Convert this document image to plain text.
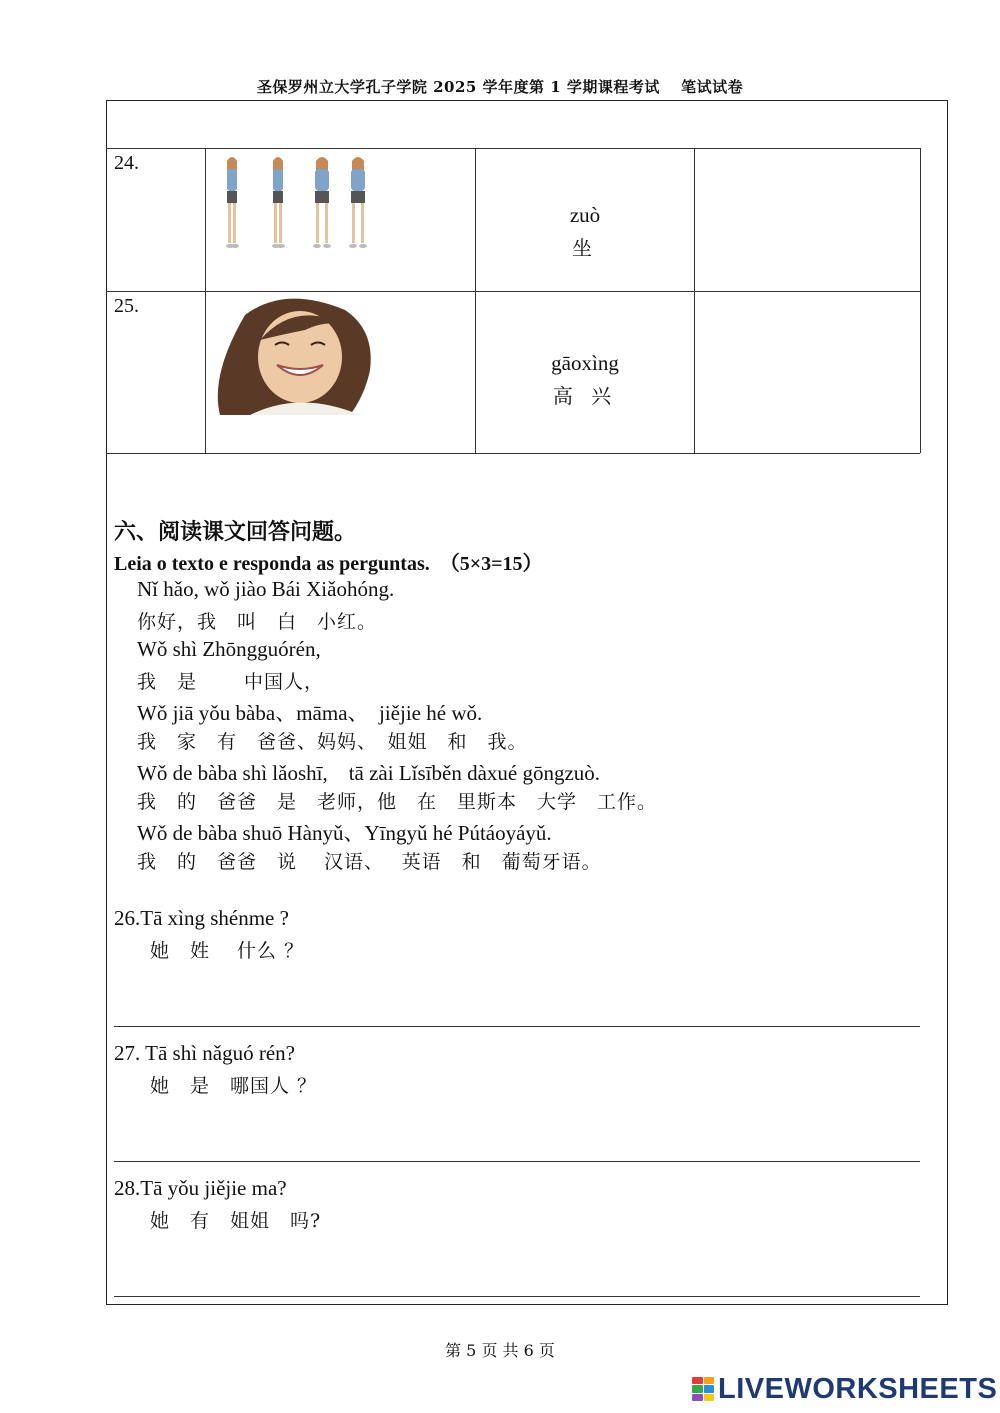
圣保罗州立大学孔子学院 2025 学年度第 1 学期课程考试　 笔试试卷
24.
zuò
坐
25.
gāoxìng
高 兴
六、阅读课文回答问题。
Leia o texto e responda as perguntas.　（5×3=15）
Nǐ hǎo, wǒ jiào Bái Xiǎohóng.
你好，我　叫　白　小红。
Wǒ shì Zhōngguórén,
我　是　　 中国人，
Wǒ jiā yǒu bàba、māma、　jiějie hé wǒ.
我　家　有　爸爸、妈妈、　姐姐　和　我。
Wǒ de bàba shì lǎoshī,　tā zài Lǐsīběn dàxué gōngzuò.
我　的　爸爸　是　老师，他　在　里斯本　大学　工作。
Wǒ de bàba shuō Hànyǔ、Yīngyǔ hé Pútáoyáyǔ.
我　的　爸爸　说　 汉语、　 英语　和　葡萄牙语。
26.Tā xìng shénme ?
她　姓　 什么 ？
27. Tā shì nǎguó rén?
她　是　哪国人 ？
28.Tā yǒu jiějie ma?
她　有　姐姐　吗?
第 5 页 共 6 页
LIVEWORKSHEETS
